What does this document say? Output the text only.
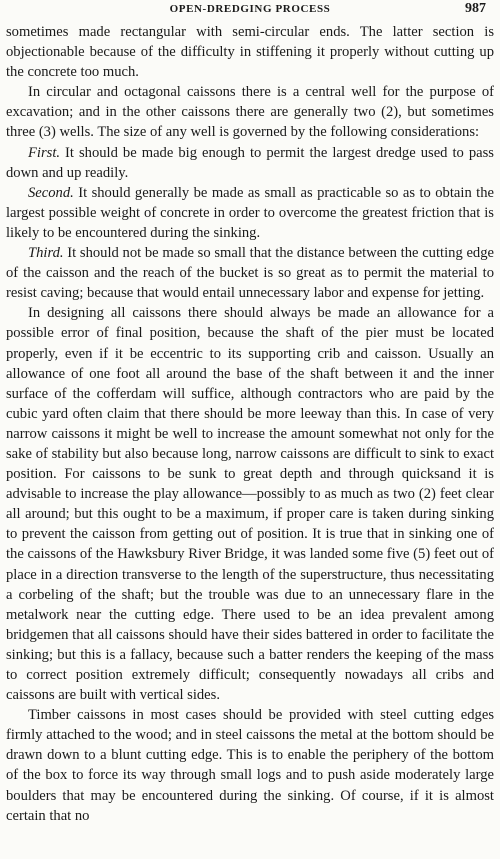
OPEN-DREDGING PROCESS	987

sometimes made rectangular with semi-circular ends. The latter section is objectionable because of the difficulty in stiffening it properly without cutting up the concrete too much.

In circular and octagonal caissons there is a central well for the purpose of excavation; and in the other caissons there are generally two (2), but sometimes three (3) wells. The size of any well is governed by the following considerations:

First. It should be made big enough to permit the largest dredge used to pass down and up readily.

Second. It should generally be made as small as practicable so as to obtain the largest possible weight of concrete in order to overcome the greatest friction that is likely to be encountered during the sinking.

Third. It should not be made so small that the distance between the cutting edge of the caisson and the reach of the bucket is so great as to permit the material to resist caving; because that would entail unnecessary labor and expense for jetting.

In designing all caissons there should always be made an allowance for a possible error of final position, because the shaft of the pier must be located properly, even if it be eccentric to its supporting crib and caisson. Usually an allowance of one foot all around the base of the shaft between it and the inner surface of the cofferdam will suffice, although contractors who are paid by the cubic yard often claim that there should be more leeway than this. In case of very narrow caissons it might be well to increase the amount somewhat not only for the sake of stability but also because long, narrow caissons are difficult to sink to exact position. For caissons to be sunk to great depth and through quicksand it is advisable to increase the play allowance—possibly to as much as two (2) feet clear all around; but this ought to be a maximum, if proper care is taken during sinking to prevent the caisson from getting out of position. It is true that in sinking one of the caissons of the Hawksbury River Bridge, it was landed some five (5) feet out of place in a direction transverse to the length of the superstructure, thus necessitating a corbeling of the shaft; but the trouble was due to an unnecessary flare in the metalwork near the cutting edge. There used to be an idea prevalent among bridgemen that all caissons should have their sides battered in order to facilitate the sinking; but this is a fallacy, because such a batter renders the keeping of the mass to correct position extremely difficult; consequently nowadays all cribs and caissons are built with vertical sides.

Timber caissons in most cases should be provided with steel cutting edges firmly attached to the wood; and in steel caissons the metal at the bottom should be drawn down to a blunt cutting edge. This is to enable the periphery of the bottom of the box to force its way through small logs and to push aside moderately large boulders that may be encountered during the sinking. Of course, if it is almost certain that no
